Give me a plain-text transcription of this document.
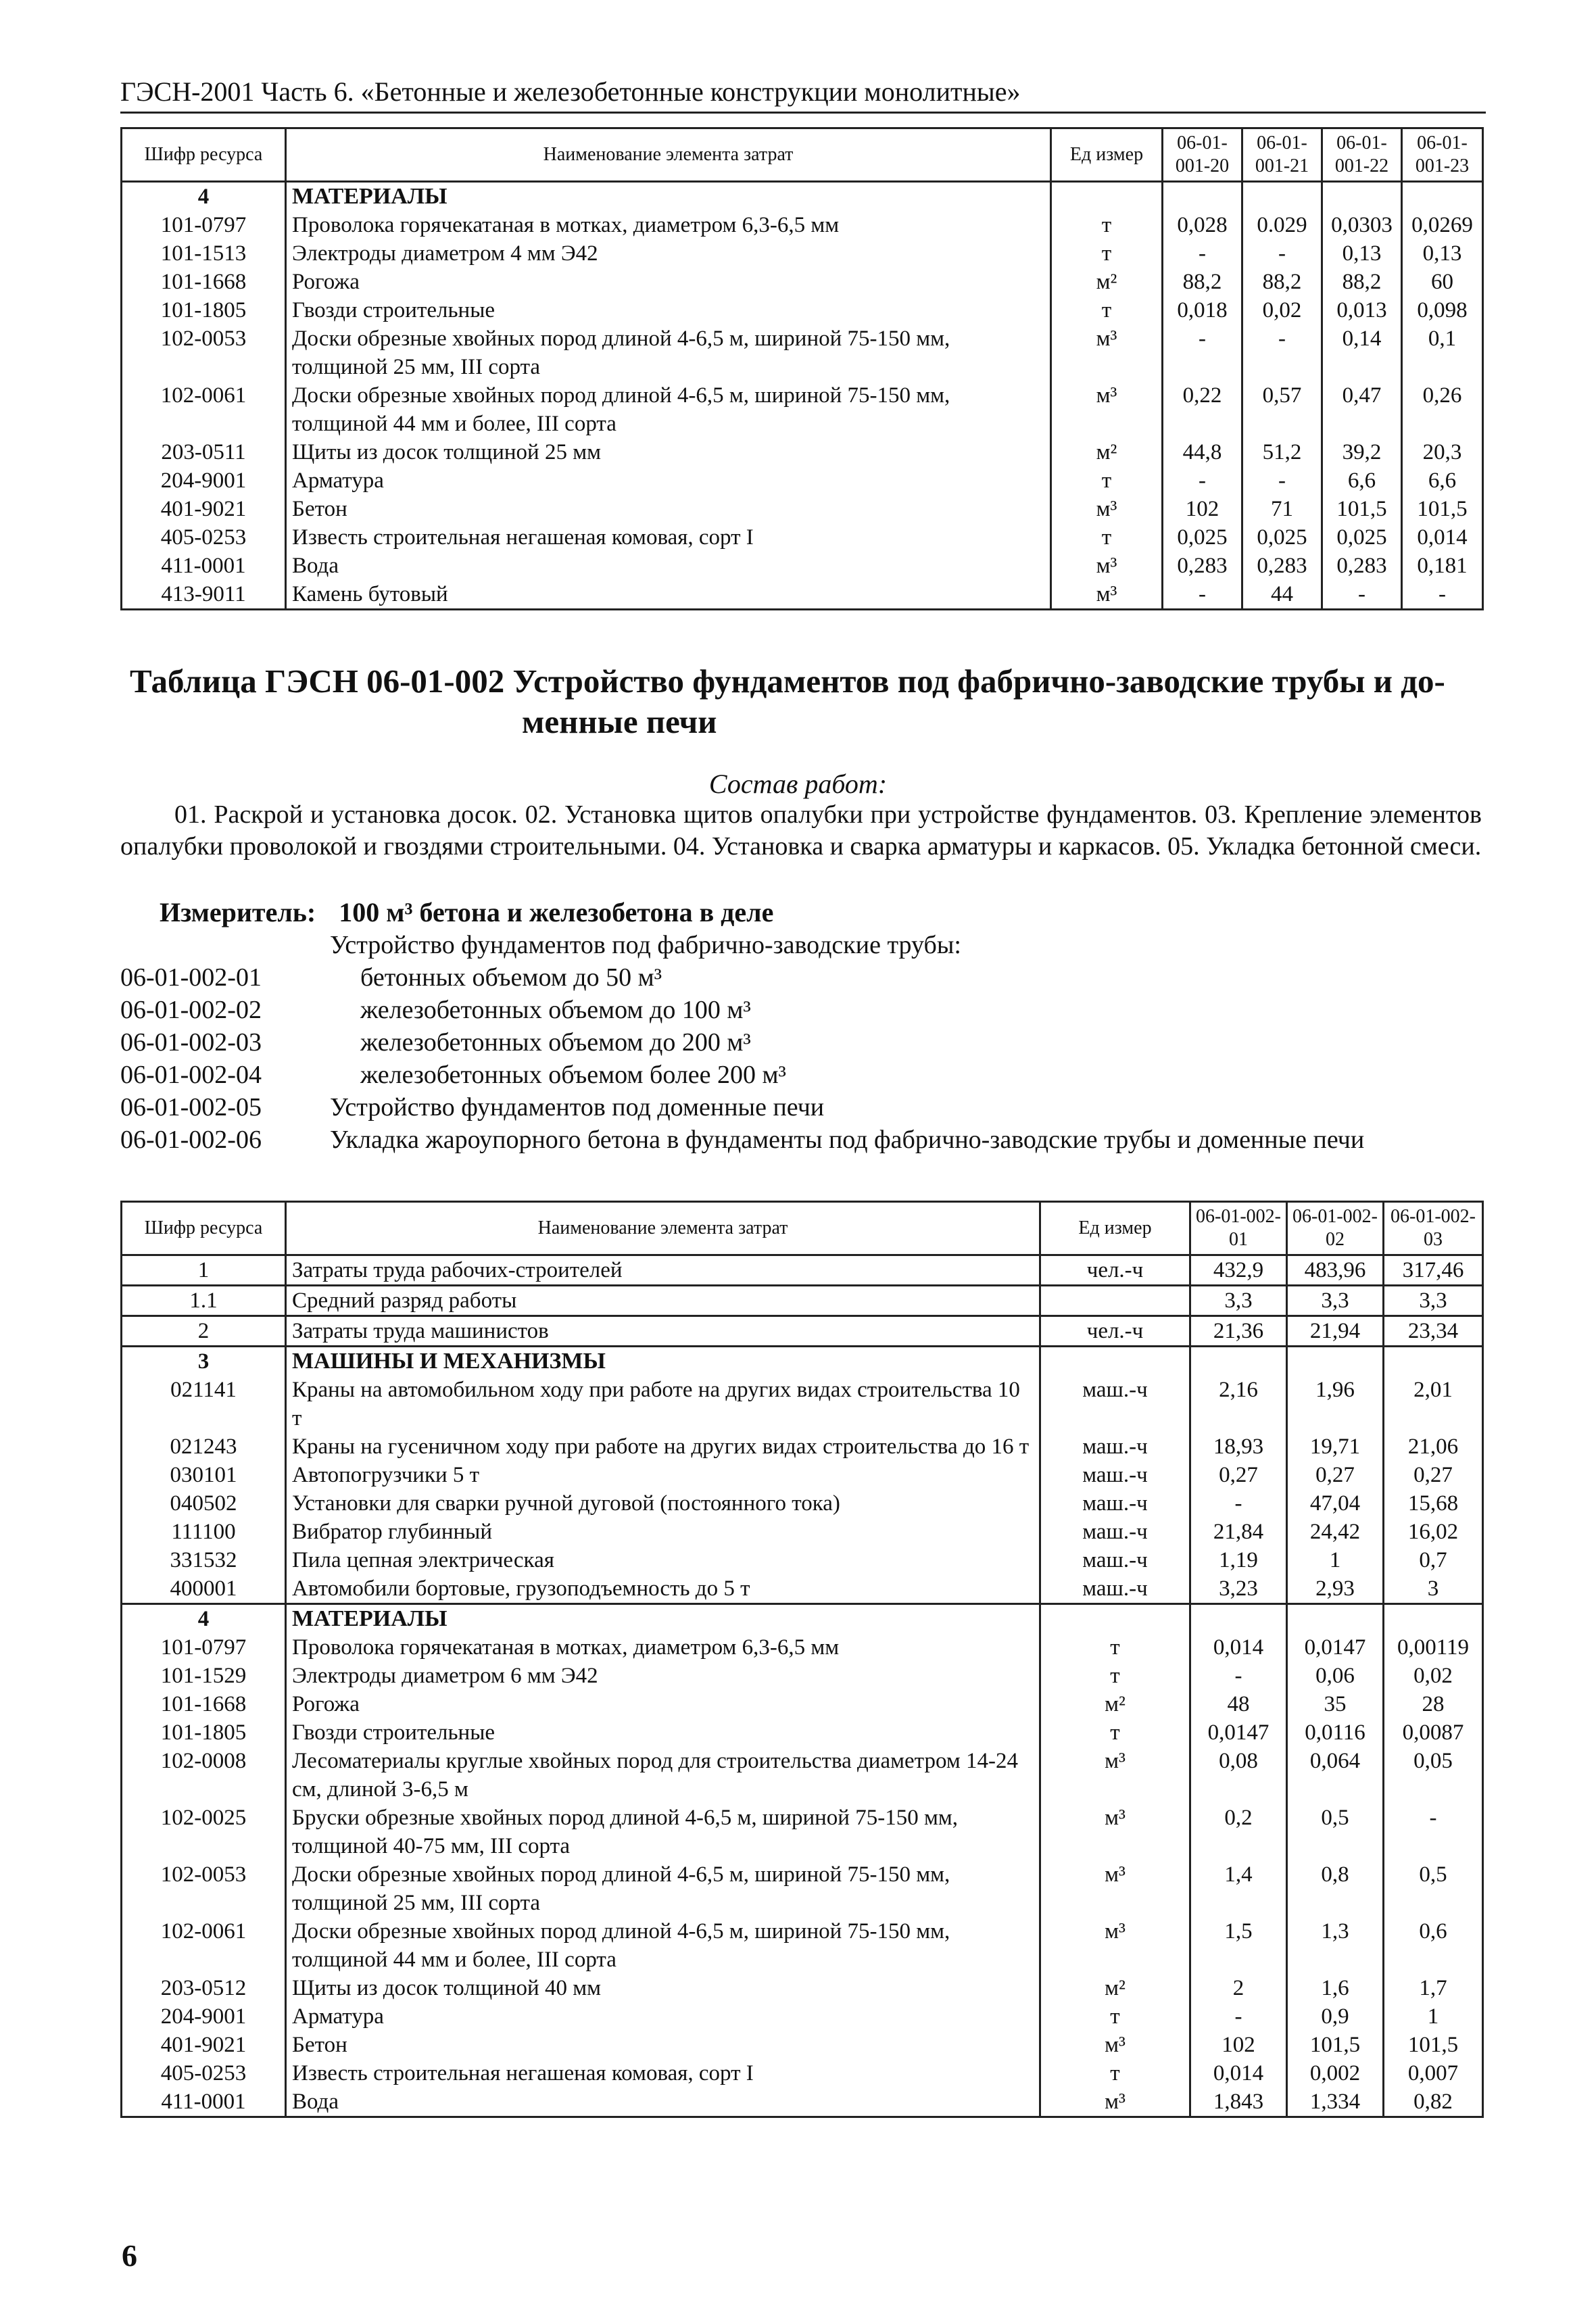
ГЭСН-2001 Часть 6. «Бетонные и железобетонные конструкции монолитные»
Шифр ресурса	Наименование элемента затрат	Ед измер	06-01-001-20	06-01-001-21	06-01-001-22	06-01-001-23
4	МАТЕРИАЛЫ					
101-0797	Проволока горячекатаная в мотках, диаметром 6,3-6,5 мм	т	0,028	0.029	0,0303	0,0269
101-1513	Электроды диаметром 4 мм Э42	т	-	-	0,13	0,13
101-1668	Рогожа	м²	88,2	88,2	88,2	60
101-1805	Гвозди строительные	т	0,018	0,02	0,013	0,098
102-0053	Доски обрезные хвойных пород длиной 4-6,5 м, шириной 75-150 мм, толщиной 25 мм, III сорта	м³	-	-	0,14	0,1
102-0061	Доски обрезные хвойных пород длиной 4-6,5 м, шириной 75-150 мм, толщиной 44 мм и более, III сорта	м³	0,22	0,57	0,47	0,26
203-0511	Щиты из досок толщиной 25 мм	м²	44,8	51,2	39,2	20,3
204-9001	Арматура	т	-	-	6,6	6,6
401-9021	Бетон	м³	102	71	101,5	101,5
405-0253	Известь строительная негашеная комовая, сорт I	т	0,025	0,025	0,025	0,014
411-0001	Вода	м³	0,283	0,283	0,283	0,181
413-9011	Камень бутовый	м³	-	44	-	-
Таблица ГЭСН 06-01-002 Устройство фундаментов под фабрично-заводские трубы и до-
менные печи
Состав работ:
01. Раскрой и установка досок. 02. Установка щитов опалубки при устройстве фундаментов. 03. Крепление элементов опалубки проволокой и гвоздями строительными. 04. Установка и сварка арматуры и каркасов. 05. Укладка бетонной смеси.
Измеритель: 100 м³ бетона и железобетона в деле
Устройство фундаментов под фабрично-заводские трубы:
06-01-002-01	бетонных объемом до 50 м³
06-01-002-02	железобетонных объемом до 100 м³
06-01-002-03	железобетонных объемом до 200 м³
06-01-002-04	железобетонных объемом более 200 м³
06-01-002-05	Устройство фундаментов под доменные печи
06-01-002-06	Укладка жароупорного бетона в фундаменты под фабрично-заводские трубы и доменные печи
Шифр ресурса	Наименование элемента затрат	Ед измер	06-01-002-01	06-01-002-02	06-01-002-03
1	Затраты труда рабочих-строителей	чел.-ч	432,9	483,96	317,46
1.1	Средний разряд работы		3,3	3,3	3,3
2	Затраты труда машинистов	чел.-ч	21,36	21,94	23,34
3	МАШИНЫ И МЕХАНИЗМЫ				
021141	Краны на автомобильном ходу при работе на других видах строительства 10 т	маш.-ч	2,16	1,96	2,01
021243	Краны на гусеничном ходу при работе на других видах строительства до 16 т	маш.-ч	18,93	19,71	21,06
030101	Автопогрузчики 5 т	маш.-ч	0,27	0,27	0,27
040502	Установки для сварки ручной дуговой (постоянного тока)	маш.-ч	-	47,04	15,68
111100	Вибратор глубинный	маш.-ч	21,84	24,42	16,02
331532	Пила цепная электрическая	маш.-ч	1,19	1	0,7
400001	Автомобили бортовые, грузоподъемность до 5 т	маш.-ч	3,23	2,93	3
4	МАТЕРИАЛЫ				
101-0797	Проволока горячекатаная в мотках, диаметром 6,3-6,5 мм	т	0,014	0,0147	0,00119
101-1529	Электроды диаметром 6 мм Э42	т	-	0,06	0,02
101-1668	Рогожа	м²	48	35	28
101-1805	Гвозди строительные	т	0,0147	0,0116	0,0087
102-0008	Лесоматериалы круглые хвойных пород для строительства диаметром 14-24 см, длиной 3-6,5 м	м³	0,08	0,064	0,05
102-0025	Бруски обрезные хвойных пород длиной 4-6,5 м, шириной 75-150 мм, толщиной 40-75 мм, III сорта	м³	0,2	0,5	-
102-0053	Доски обрезные хвойных пород длиной 4-6,5 м, шириной 75-150 мм, толщиной 25 мм, III сорта	м³	1,4	0,8	0,5
102-0061	Доски обрезные хвойных пород длиной 4-6,5 м, шириной 75-150 мм, толщиной 44 мм и более, III сорта	м³	1,5	1,3	0,6
203-0512	Щиты из досок толщиной 40 мм	м²	2	1,6	1,7
204-9001	Арматура	т	-	0,9	1
401-9021	Бетон	м³	102	101,5	101,5
405-0253	Известь строительная негашеная комовая, сорт I	т	0,014	0,002	0,007
411-0001	Вода	м³	1,843	1,334	0,82
6
